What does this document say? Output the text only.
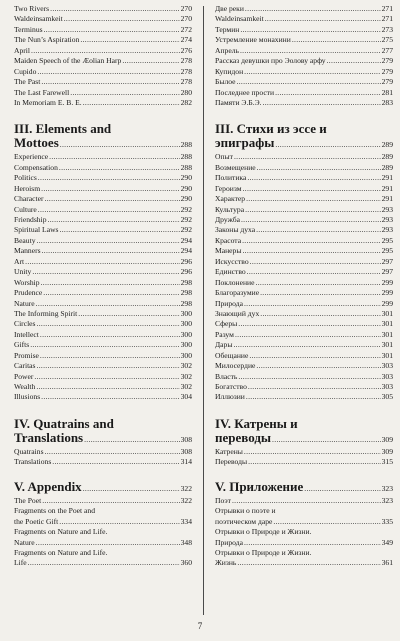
Two Rivers .....	270
Waldeinsamkeit .....	270
Terminus .....	272
The Nun’s Aspiration .....	274
April .....	276
Maiden Speech of the Æolian Harp .....	278
Cupido .....	278
The Past .....	278
The Last Farewell .....	280
In Memoriam E. B. E. .....	282
III. Elements and
Mottoes .....	288
Experience .....	288
Compensation .....	288
Politics .....	290
Heroism .....	290
Character .....	290
Culture .....	292
Friendship .....	292
Spiritual Laws .....	292
Beauty .....	294
Manners .....	294
Art .....	296
Unity .....	296
Worship .....	298
Prudence .....	298
Nature .....	298
The Informing Spirit .....	300
Circles .....	300
Intellect .....	300
Gifts .....	300
Promise .....	300
Caritas .....	302
Power .....	302
Wealth .....	302
Illusions .....	304
IV. Quatrains and
Translations .....	308
Quatrains .....	308
Translations .....	314
V. Appendix .....	322
The Poet .....	322
Fragments on the Poet and
the Poetic Gift .....	334
Fragments on Nature and Life.
Nature .....	348
Fragments on Nature and Life.
Life .....	360
Две реки .....	271
Waldeinsamkeit .....	271
Термин .....	273
Устремление монахини .....	275
Апрель .....	277
Рассказ девушки про Эолову арфу .....	279
Купидон .....	279
Былое .....	279
Последнее прости .....	281
Памяти Э.Б.Э. .....	283
III. Стихи из эссе и
эпиграфы .....	289
Опыт .....	289
Возмещение .....	289
Политика .....	291
Героизм .....	291
Характер .....	291
Культура .....	293
Дружба .....	293
Законы духа .....	293
Красота .....	295
Манеры .....	295
Искусство .....	297
Единство .....	297
Поклонение .....	299
Благоразумие .....	299
Природа .....	299
Знающий дух .....	301
Сферы .....	301
Разум .....	301
Дары .....	301
Обещание .....	301
Милосердие .....	303
Власть .....	303
Богатство .....	303
Иллюзии .....	305
IV. Катрены и
переводы .....	309
Катрены .....	309
Переводы .....	315
V. Приложение .....	323
Поэт .....	323
Отрывки о поэте и
поэтическом даре .....	335
Отрывки о Природе и Жизни.
Природа .....	349
Отрывки о Природе и Жизни.
Жизнь .....	361
7
